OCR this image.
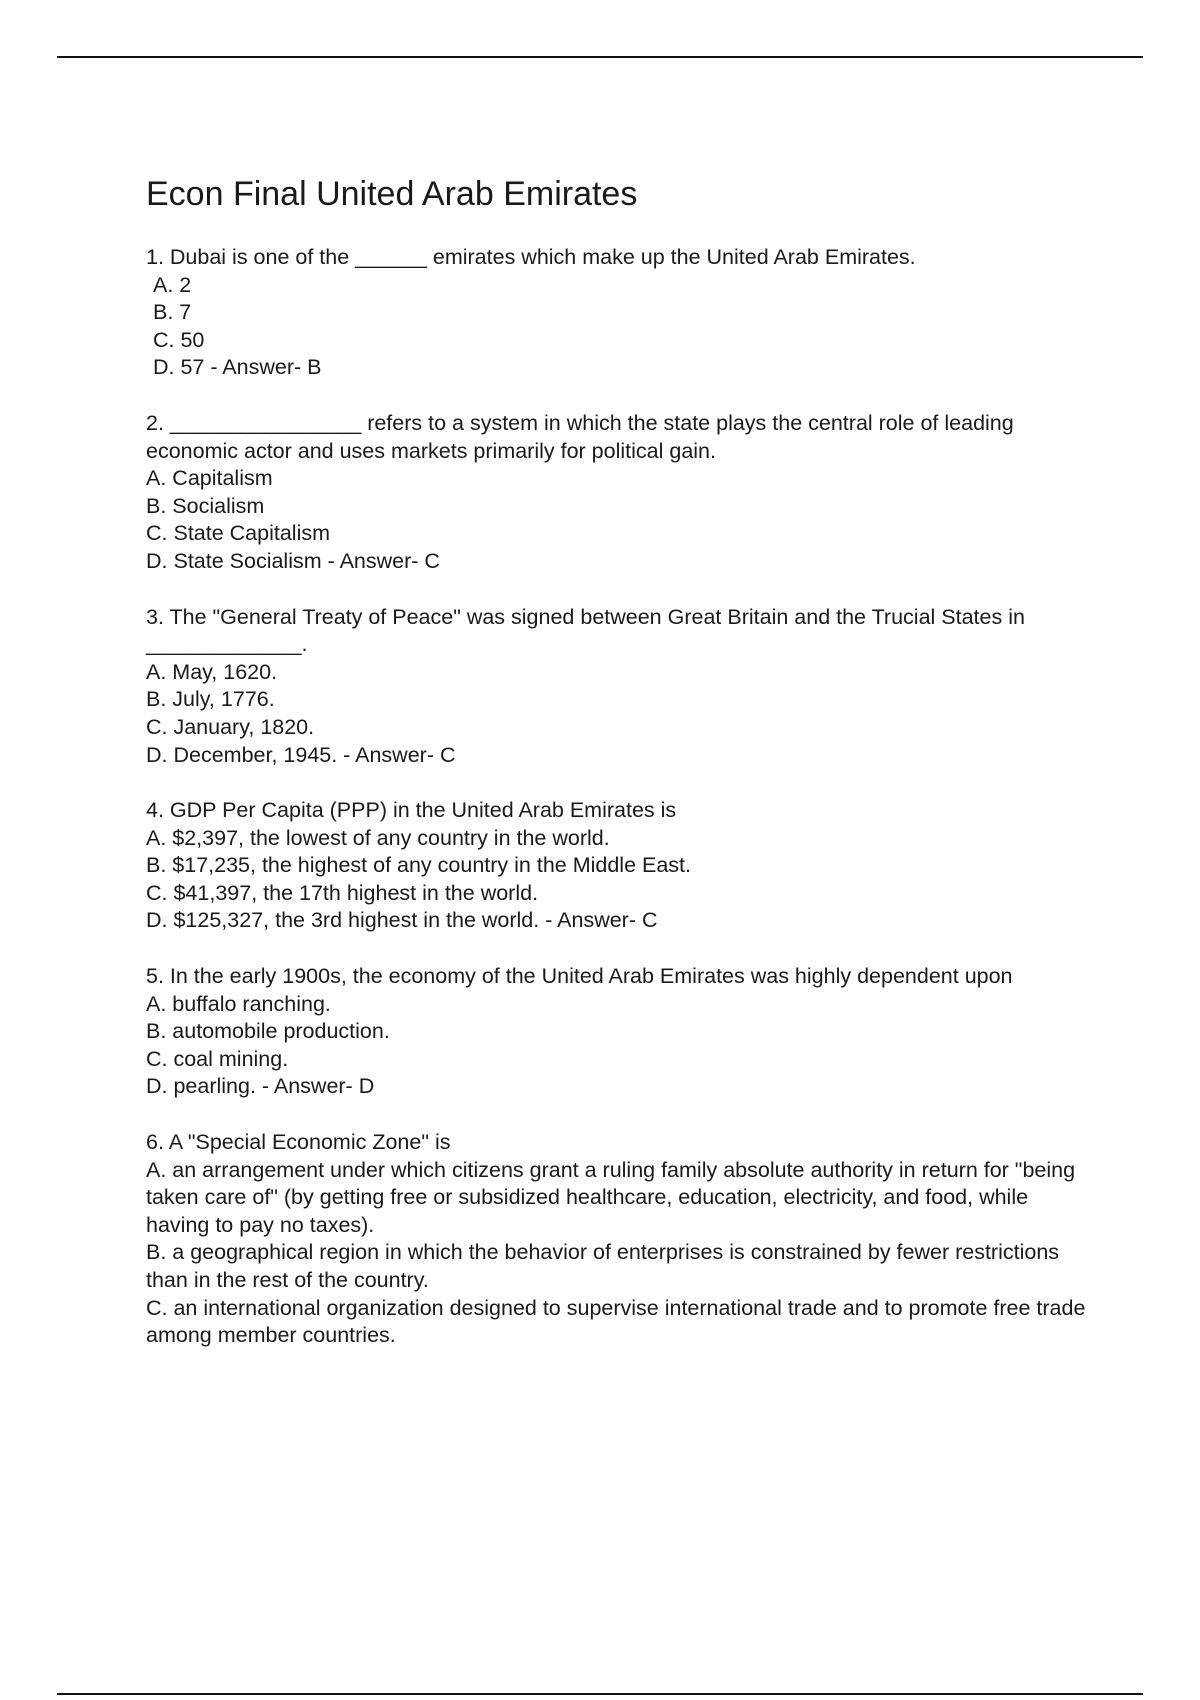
Econ Final United Arab Emirates
1. Dubai is one of the ______ emirates which make up the United Arab Emirates.
A. 2
B. 7
C. 50
D. 57 - Answer- B
2. ________________ refers to a system in which the state plays the central role of leading economic actor and uses markets primarily for political gain.
A. Capitalism
B. Socialism
C. State Capitalism
D. State Socialism - Answer- C
3. The "General Treaty of Peace" was signed between Great Britain and the Trucial States in _____________.
A. May, 1620.
B. July, 1776.
C. January, 1820.
D. December, 1945. - Answer- C
4. GDP Per Capita (PPP) in the United Arab Emirates is
A. $2,397, the lowest of any country in the world.
B. $17,235, the highest of any country in the Middle East.
C. $41,397, the 17th highest in the world.
D. $125,327, the 3rd highest in the world. - Answer- C
5. In the early 1900s, the economy of the United Arab Emirates was highly dependent upon
A. buffalo ranching.
B. automobile production.
C. coal mining.
D. pearling. - Answer- D
6. A "Special Economic Zone" is
A. an arrangement under which citizens grant a ruling family absolute authority in return for "being taken care of" (by getting free or subsidized healthcare, education, electricity, and food, while having to pay no taxes).
B. a geographical region in which the behavior of enterprises is constrained by fewer restrictions than in the rest of the country.
C. an international organization designed to supervise international trade and to promote free trade among member countries.
